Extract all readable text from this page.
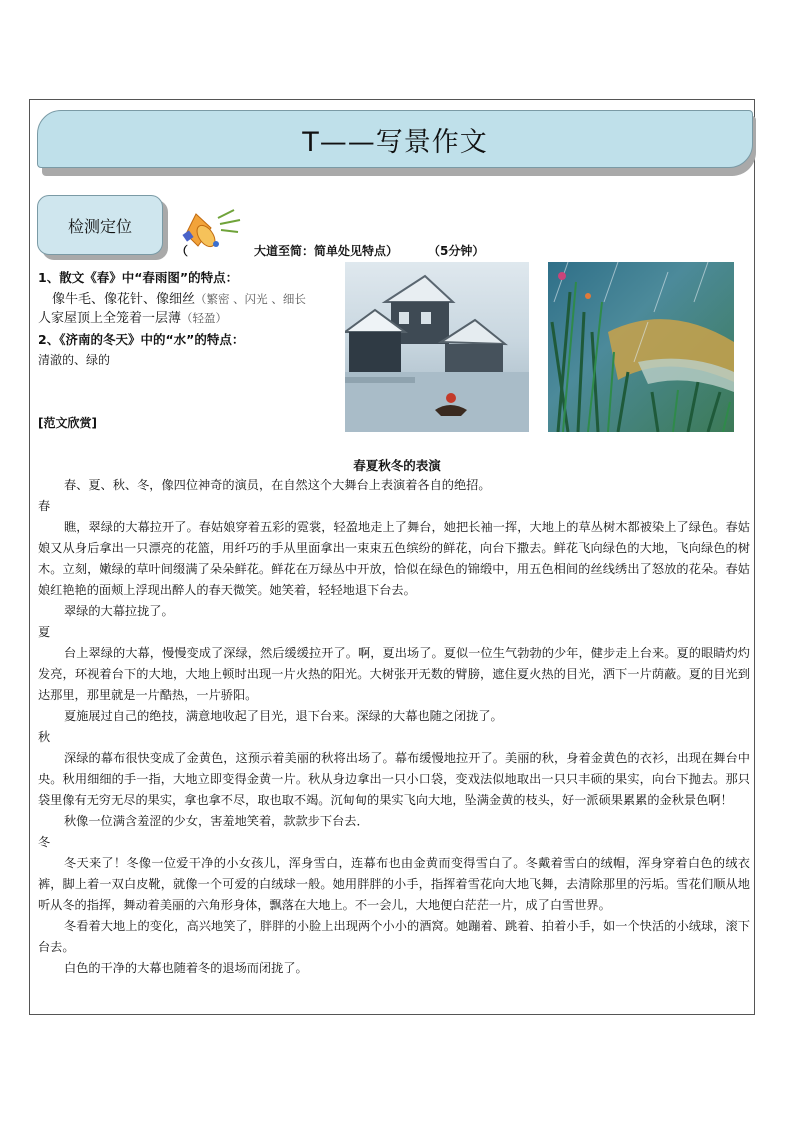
T——写景作文
检测定位
（	大道至简：简单处见特点） （5分钟）
1、散文《春》中“春雨图”的特点：
像牛毛、像花针、像细丝（繁密 、闪光 、细长
人家屋顶上全笼着一层薄（轻盈）
2、《济南的冬天》中的“水”的特点：
清澈的、绿的
[范文欣赏]
春夏秋冬的表演

春、夏、秋、冬，像四位神奇的演员，在自然这个大舞台上表演着各自的绝招。

春

瞧，翠绿的大幕拉开了。春姑娘穿着五彩的霓裳，轻盈地走上了舞台，她把长袖一挥，大地上的草丛树木都被染上了绿色。春姑娘又从身后拿出一只漂亮的花篮，用纤巧的手从里面拿出一束束五色缤纷的鲜花，向台下撒去。鲜花飞向绿色的大地，飞向绿色的树木。立刻，嫩绿的草叶间缀满了朵朵鲜花。鲜花在万绿丛中开放，恰似在绿色的锦缎中，用五色相间的丝线绣出了怒放的花朵。春姑娘红艳艳的面颊上浮现出醉人的春天微笑。她笑着，轻轻地退下台去。

翠绿的大幕拉拢了。

夏

台上翠绿的大幕，慢慢变成了深绿，然后缓缓拉开了。啊，夏出场了。夏似一位生气勃勃的少年，健步走上台来。夏的眼睛灼灼发亮，环视着台下的大地，大地上顿时出现一片火热的阳光。大树张开无数的臂膀，遮住夏火热的目光，洒下一片荫蔽。夏的目光到达那里，那里就是一片酷热，一片骄阳。

夏施展过自己的绝技，满意地收起了目光，退下台来。深绿的大幕也随之闭拢了。

秋

深绿的幕布很快变成了金黄色，这预示着美丽的秋将出场了。幕布缓慢地拉开了。美丽的秋，身着金黄色的衣衫，出现在舞台中央。秋用细细的手一指，大地立即变得金黄一片。秋从身边拿出一只小口袋，变戏法似地取出一只只丰硕的果实，向台下抛去。那只袋里像有无穷无尽的果实，拿也拿不尽，取也取不竭。沉甸甸的果实飞向大地，坠满金黄的枝头，好一派硕果累累的金秋景色啊！

秋像一位满含羞涩的少女，害羞地笑着，款款步下台去．

冬

冬天来了！冬像一位爱干净的小女孩儿，浑身雪白，连幕布也由金黄而变得雪白了。冬戴着雪白的绒帽，浑身穿着白色的绒衣裤，脚上着一双白皮靴，就像一个可爱的白绒球一般。她用胖胖的小手，指挥着雪花向大地飞舞，去清除那里的污垢。雪花们顺从地听从冬的指挥，舞动着美丽的六角形身体，飘落在大地上。不一会儿，大地便白茫茫一片，成了白雪世界。

冬看着大地上的变化，高兴地笑了，胖胖的小脸上出现两个小小的酒窝。她蹦着、跳着、拍着小手，如一个快活的小绒球，滚下台去。

白色的干净的大幕也随着冬的退场而闭拢了。
